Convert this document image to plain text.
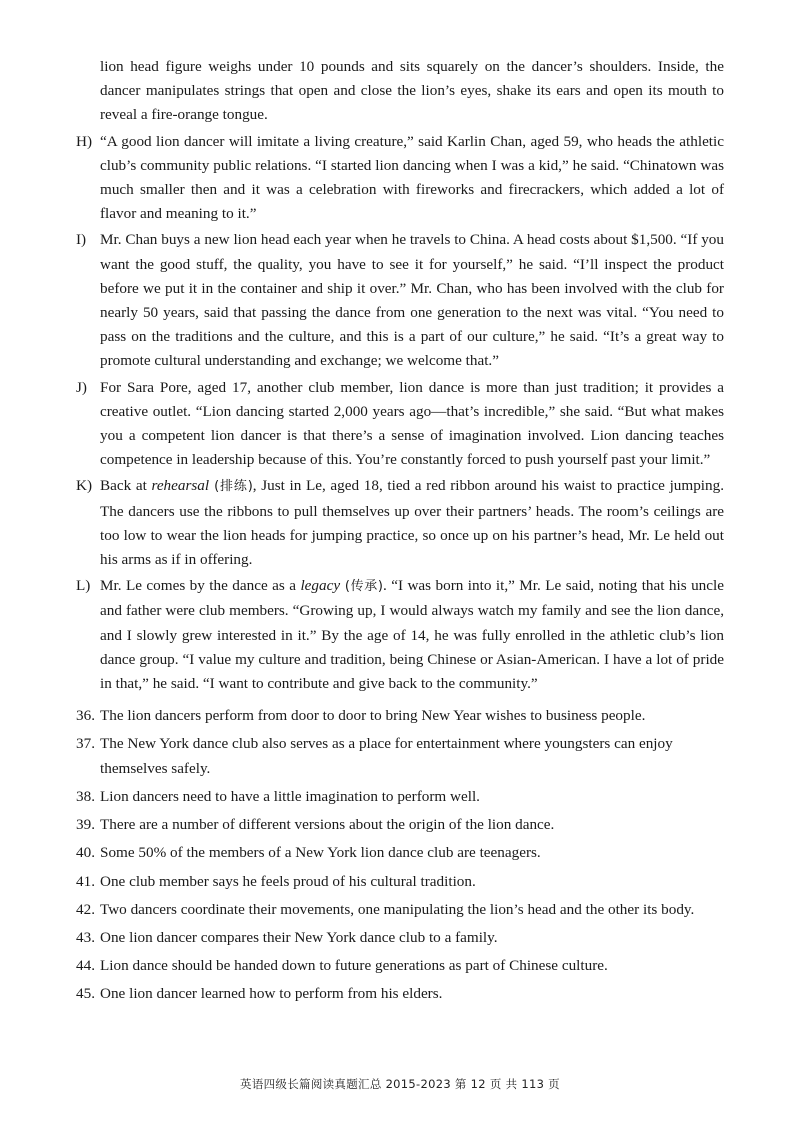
lion head figure weighs under 10 pounds and sits squarely on the dancer’s shoulders. Inside, the dancer manipulates strings that open and close the lion’s eyes, shake its ears and open its mouth to reveal a fire-orange tongue.

H) “A good lion dancer will imitate a living creature,” said Karlin Chan, aged 59, who heads the athletic club’s community public relations. “I started lion dancing when I was a kid,” he said. “Chinatown was much smaller then and it was a celebration with fireworks and firecrackers, which added a lot of flavor and meaning to it.”

I) Mr. Chan buys a new lion head each year when he travels to China. A head costs about $1,500. “If you want the good stuff, the quality, you have to see it for yourself,” he said. “I’ll inspect the product before we put it in the container and ship it over.” Mr. Chan, who has been involved with the club for nearly 50 years, said that passing the dance from one generation to the next was vital. “You need to pass on the traditions and the culture, and this is a part of our culture,” he said. “It’s a great way to promote cultural understanding and exchange; we welcome that.”

J) For Sara Pore, aged 17, another club member, lion dance is more than just tradition; it provides a creative outlet. “Lion dancing started 2,000 years ago—that’s incredible,” she said. “But what makes you a competent lion dancer is that there’s a sense of imagination involved. Lion dancing teaches competence in leadership because of this. You’re constantly forced to push yourself past your limit.”

K) Back at rehearsal (排练), Just in Le, aged 18, tied a red ribbon around his waist to practice jumping. The dancers use the ribbons to pull themselves up over their partners’ heads. The room’s ceilings are too low to wear the lion heads for jumping practice, so once up on his partner’s head, Mr. Le held out his arms as if in offering.

L) Mr. Le comes by the dance as a legacy (传承). “I was born into it,” Mr. Le said, noting that his uncle and father were club members. “Growing up, I would always watch my family and see the lion dance, and I slowly grew interested in it.” By the age of 14, he was fully enrolled in the athletic club’s lion dance group. “I value my culture and tradition, being Chinese or Asian-American. I have a lot of pride in that,” he said. “I want to contribute and give back to the community.”

36. The lion dancers perform from door to door to bring New Year wishes to business people.

37. The New York dance club also serves as a place for entertainment where youngsters can enjoy themselves safely.

38. Lion dancers need to have a little imagination to perform well.

39. There are a number of different versions about the origin of the lion dance.

40. Some 50% of the members of a New York lion dance club are teenagers.

41. One club member says he feels proud of his cultural tradition.

42. Two dancers coordinate their movements, one manipulating the lion’s head and the other its body.

43. One lion dancer compares their New York dance club to a family.

44. Lion dance should be handed down to future generations as part of Chinese culture.

45. One lion dancer learned how to perform from his elders.

英语四级长篇阅读真题汇总 2015-2023 第 12 页 共 113 页
